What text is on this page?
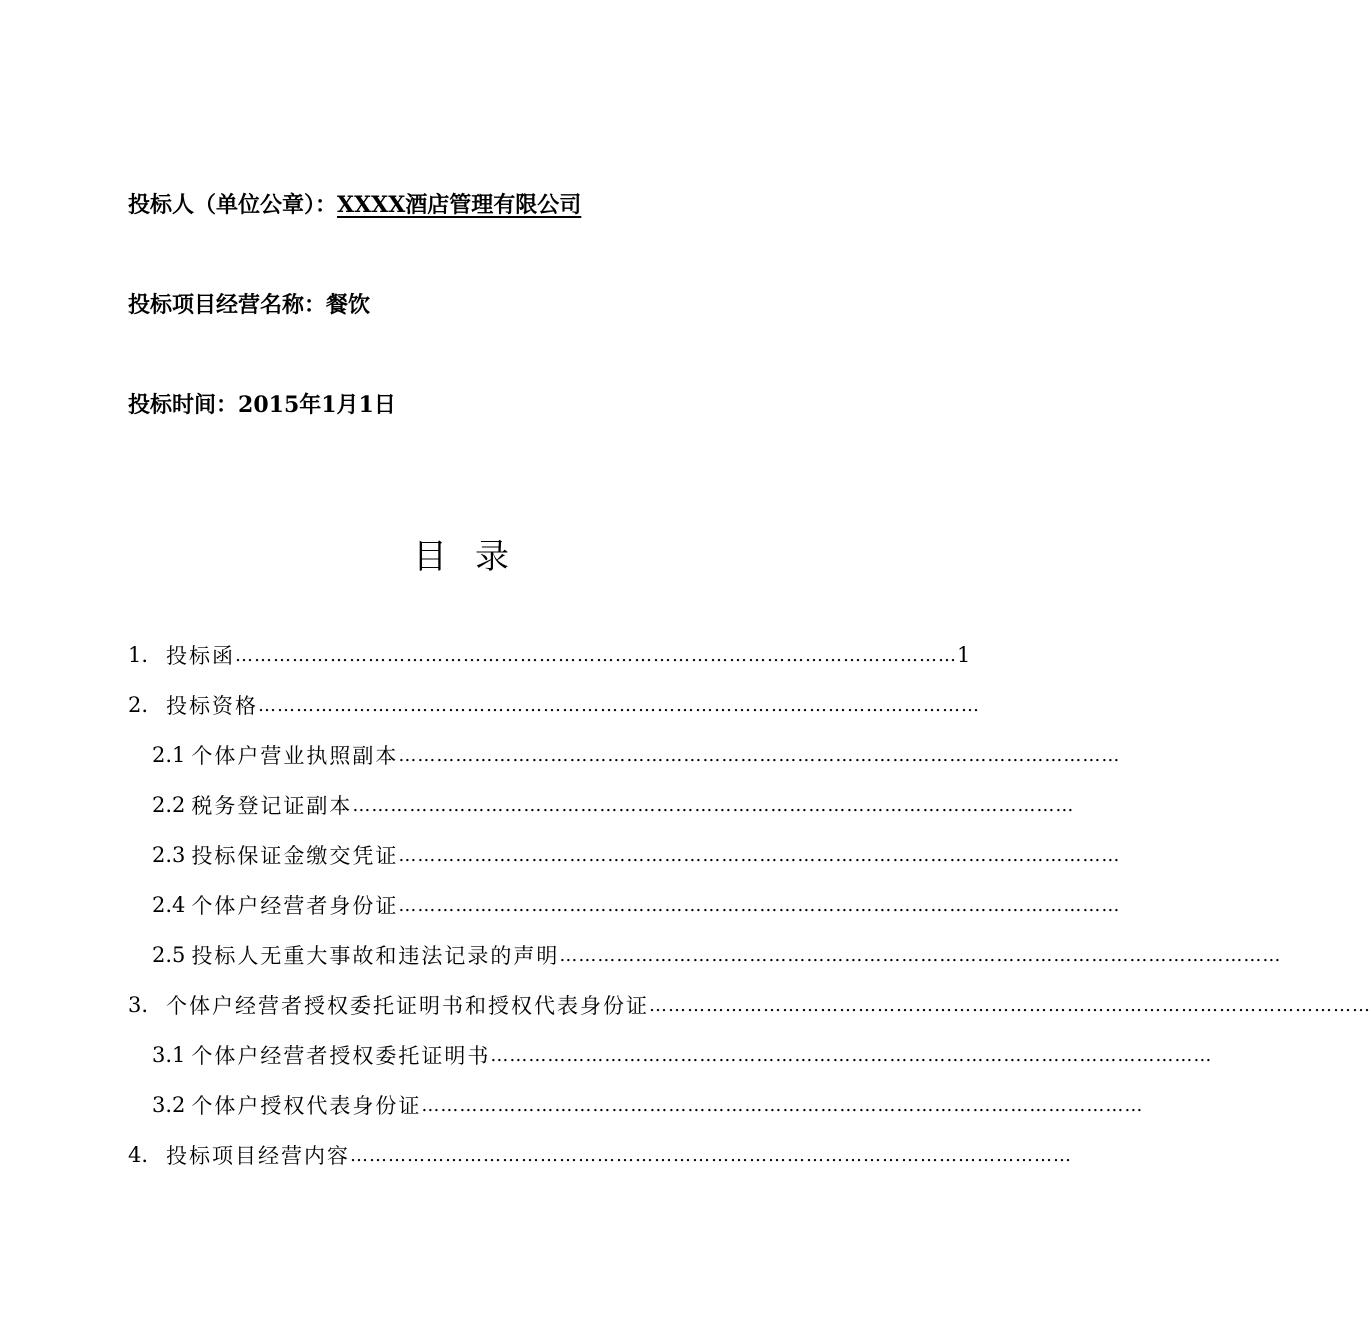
投标人（单位公章）：XXXX酒店管理有限公司
投标项目经营名称：餐饮
投标时间：2015年1月1日
目录
1. 投标函 …………………………………………………………………………………………………… 1
2. 投标资格 ……………………………………………………………………………………………………
2.1 个体户营业执照副本 ……………………………………………………………………………………………………
2.2 税务登记证副本 ……………………………………………………………………………………………………
2.3 投标保证金缴交凭证 ……………………………………………………………………………………………………
2.4 个体户经营者身份证 ……………………………………………………………………………………………………
2.5 投标人无重大事故和违法记录的声明 ……………………………………………………………………………………………………
3. 个体户经营者授权委托证明书和授权代表身份证 ……………………………………………………………………………………………………
3.1 个体户经营者授权委托证明书 ……………………………………………………………………………………………………
3.2 个体户授权代表身份证 ……………………………………………………………………………………………………
4. 投标项目经营内容 ……………………………………………………………………………………………………
